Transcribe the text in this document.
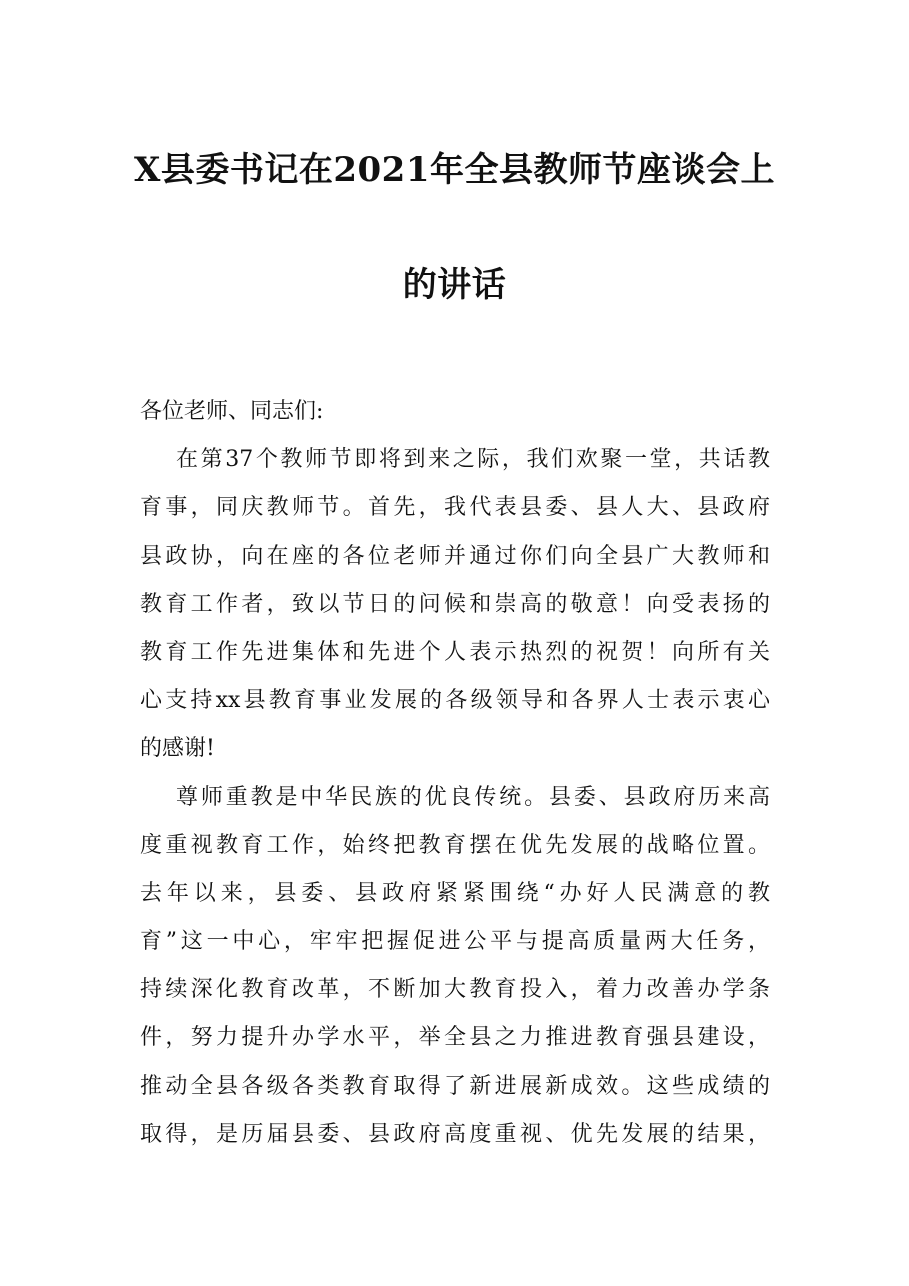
X县委书记在2021年全县教师节座谈会上
的讲话
各位老师、同志们:
在第37个教师节即将到来之际，我们欢聚一堂，共话教
育事，同庆教师节。首先，我代表县委、县人大、县政府
县政协，向在座的各位老师并通过你们向全县广大教师和
教育工作者，致以节日的问候和崇高的敬意！向受表扬的
教育工作先进集体和先进个人表示热烈的祝贺！向所有关
心支持xx县教育事业发展的各级领导和各界人士表示衷心
的感谢!
尊师重教是中华民族的优良传统。县委、县政府历来高
度重视教育工作，始终把教育摆在优先发展的战略位置。
去年以来，县委、县政府紧紧围绕“办好人民满意的教
育”这一中心，牢牢把握促进公平与提高质量两大任务，
持续深化教育改革，不断加大教育投入，着力改善办学条
件，努力提升办学水平，举全县之力推进教育强县建设，
推动全县各级各类教育取得了新进展新成效。这些成绩的
取得，是历届县委、县政府高度重视、优先发展的结果，
